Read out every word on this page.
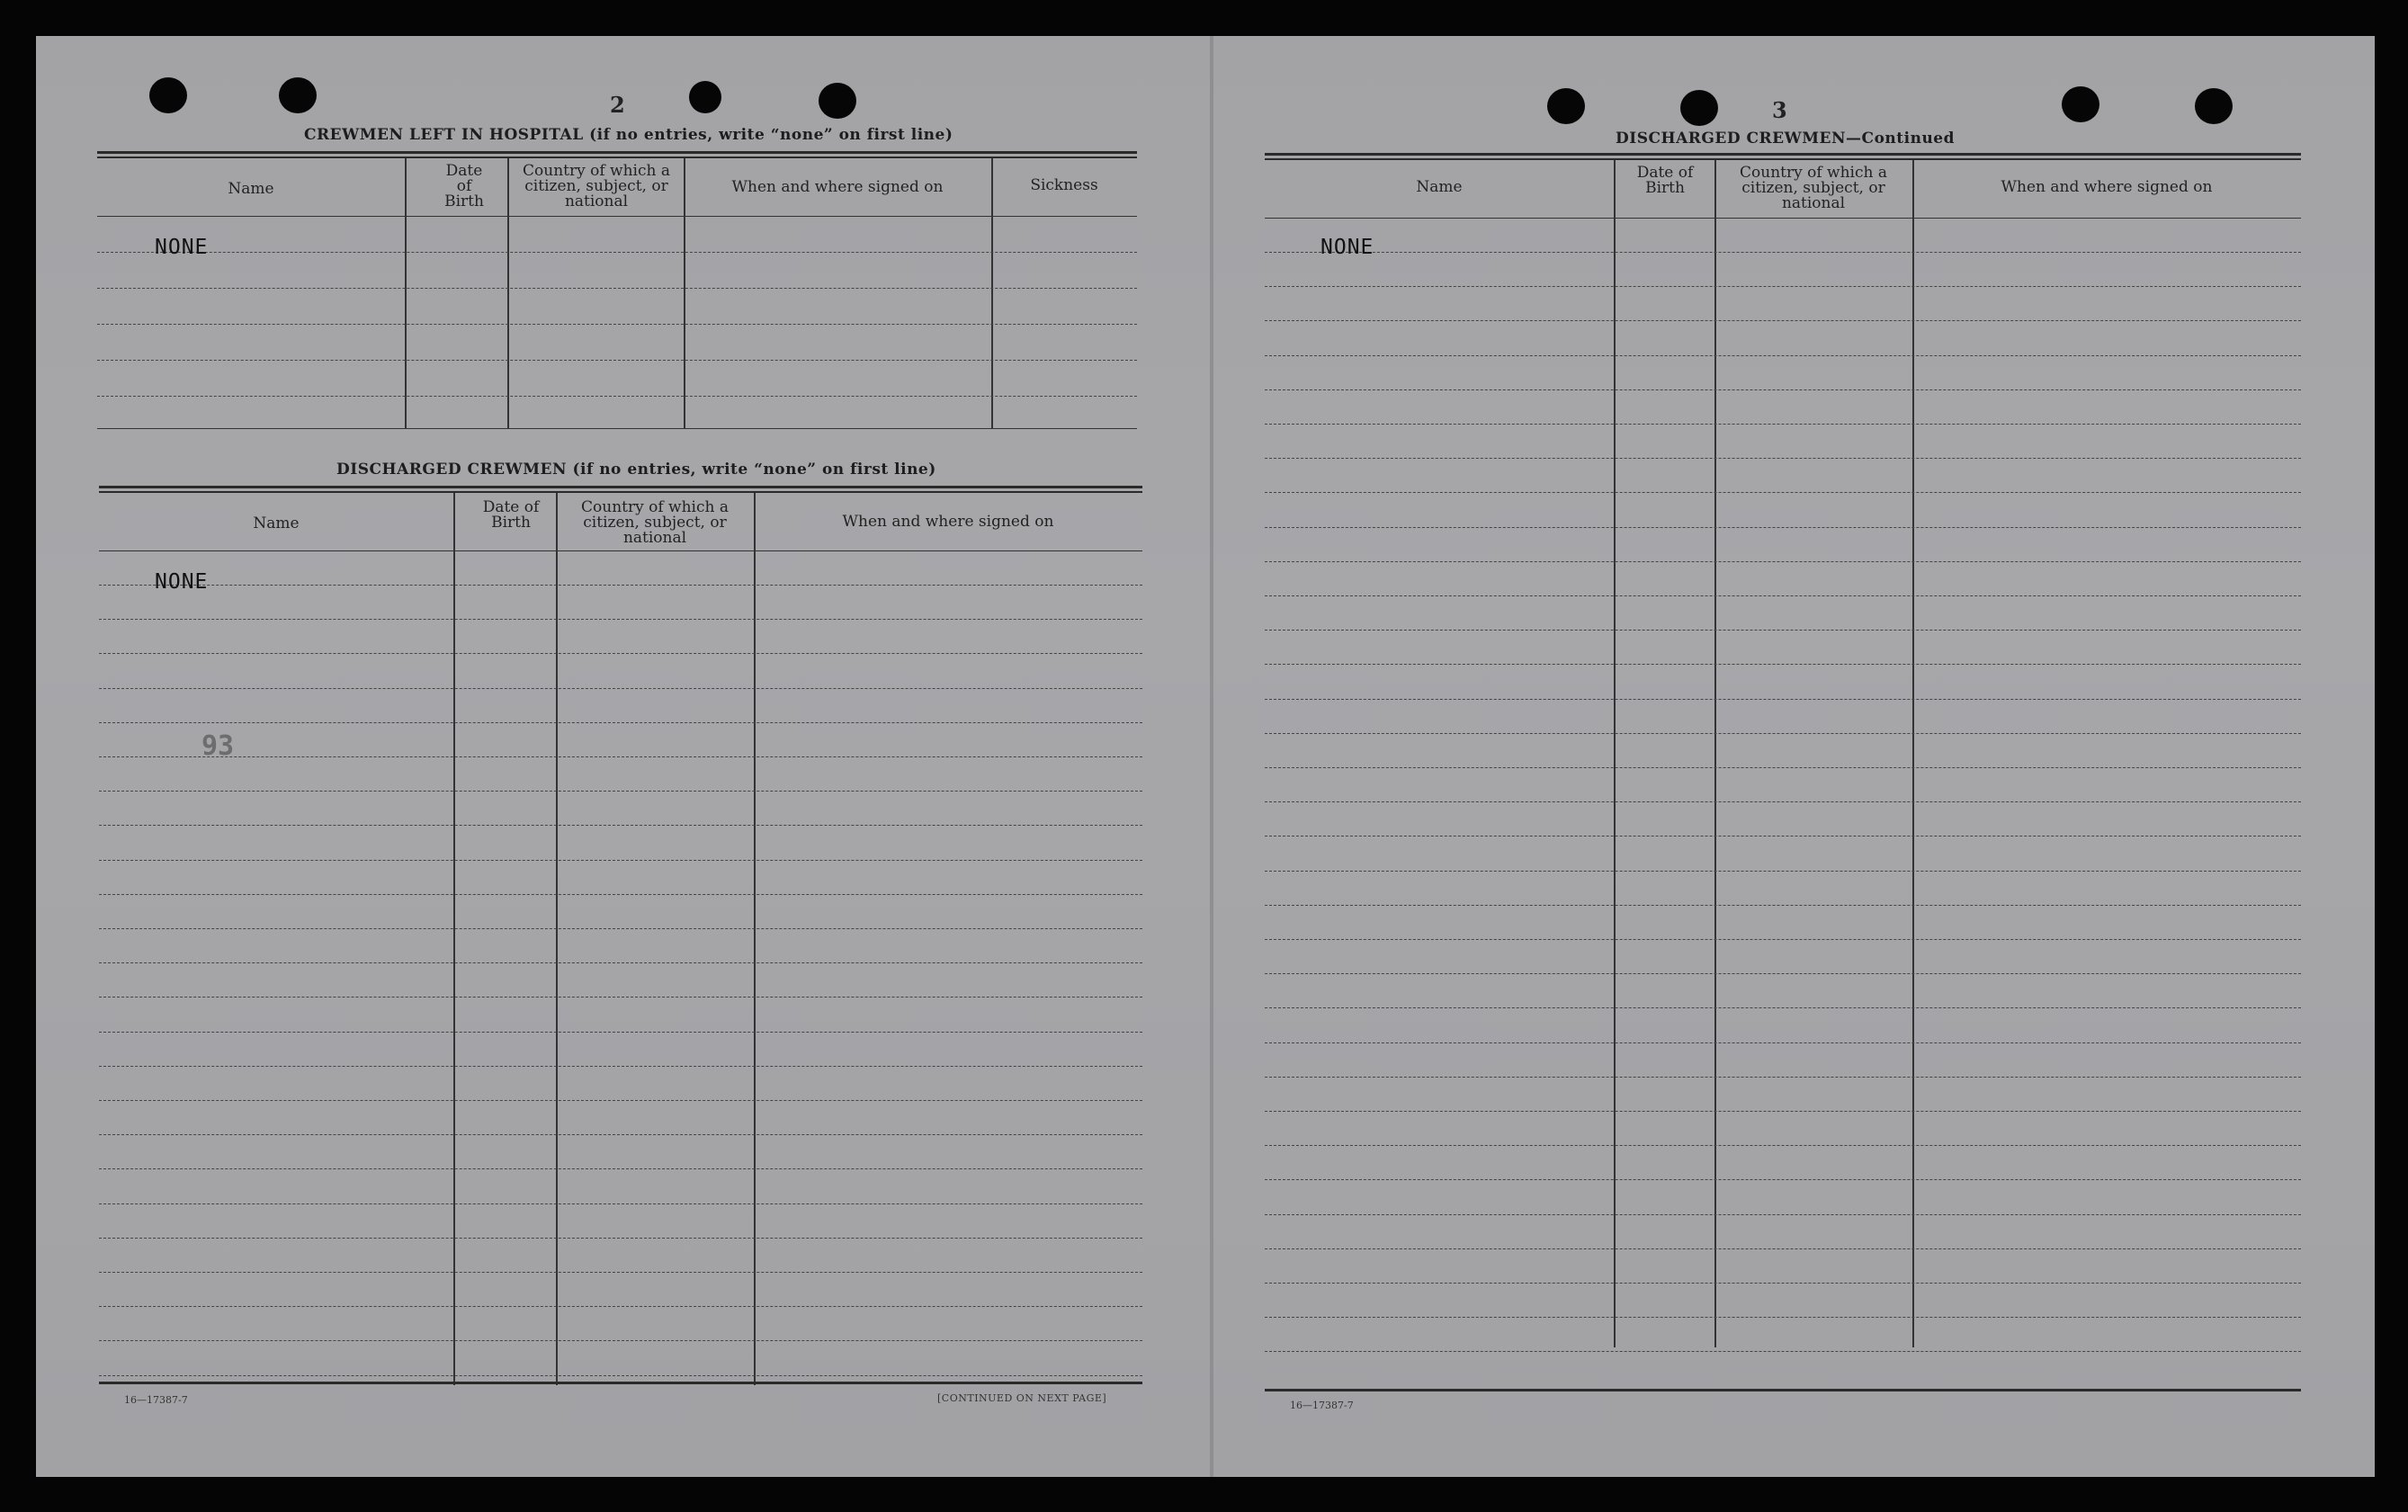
2
CREWMEN LEFT IN HOSPITAL (if no entries, write “none” on first line)
Name
Date of Birth
Country of which a citizen, subject, or national
When and where signed on	Sickness
NONE
DISCHARGED CREWMEN (if no entries, write “none” on first line)
Name
Date of Birth
Country of which a citizen, subject, or national
When and where signed on
NONE
93
16—17387-7	[CONTINUED ON NEXT PAGE]
3
DISCHARGED CREWMEN—Continued
Name
Date of Birth
Country of which a citizen, subject, or national
When and where signed on
NONE
16—17387-7
